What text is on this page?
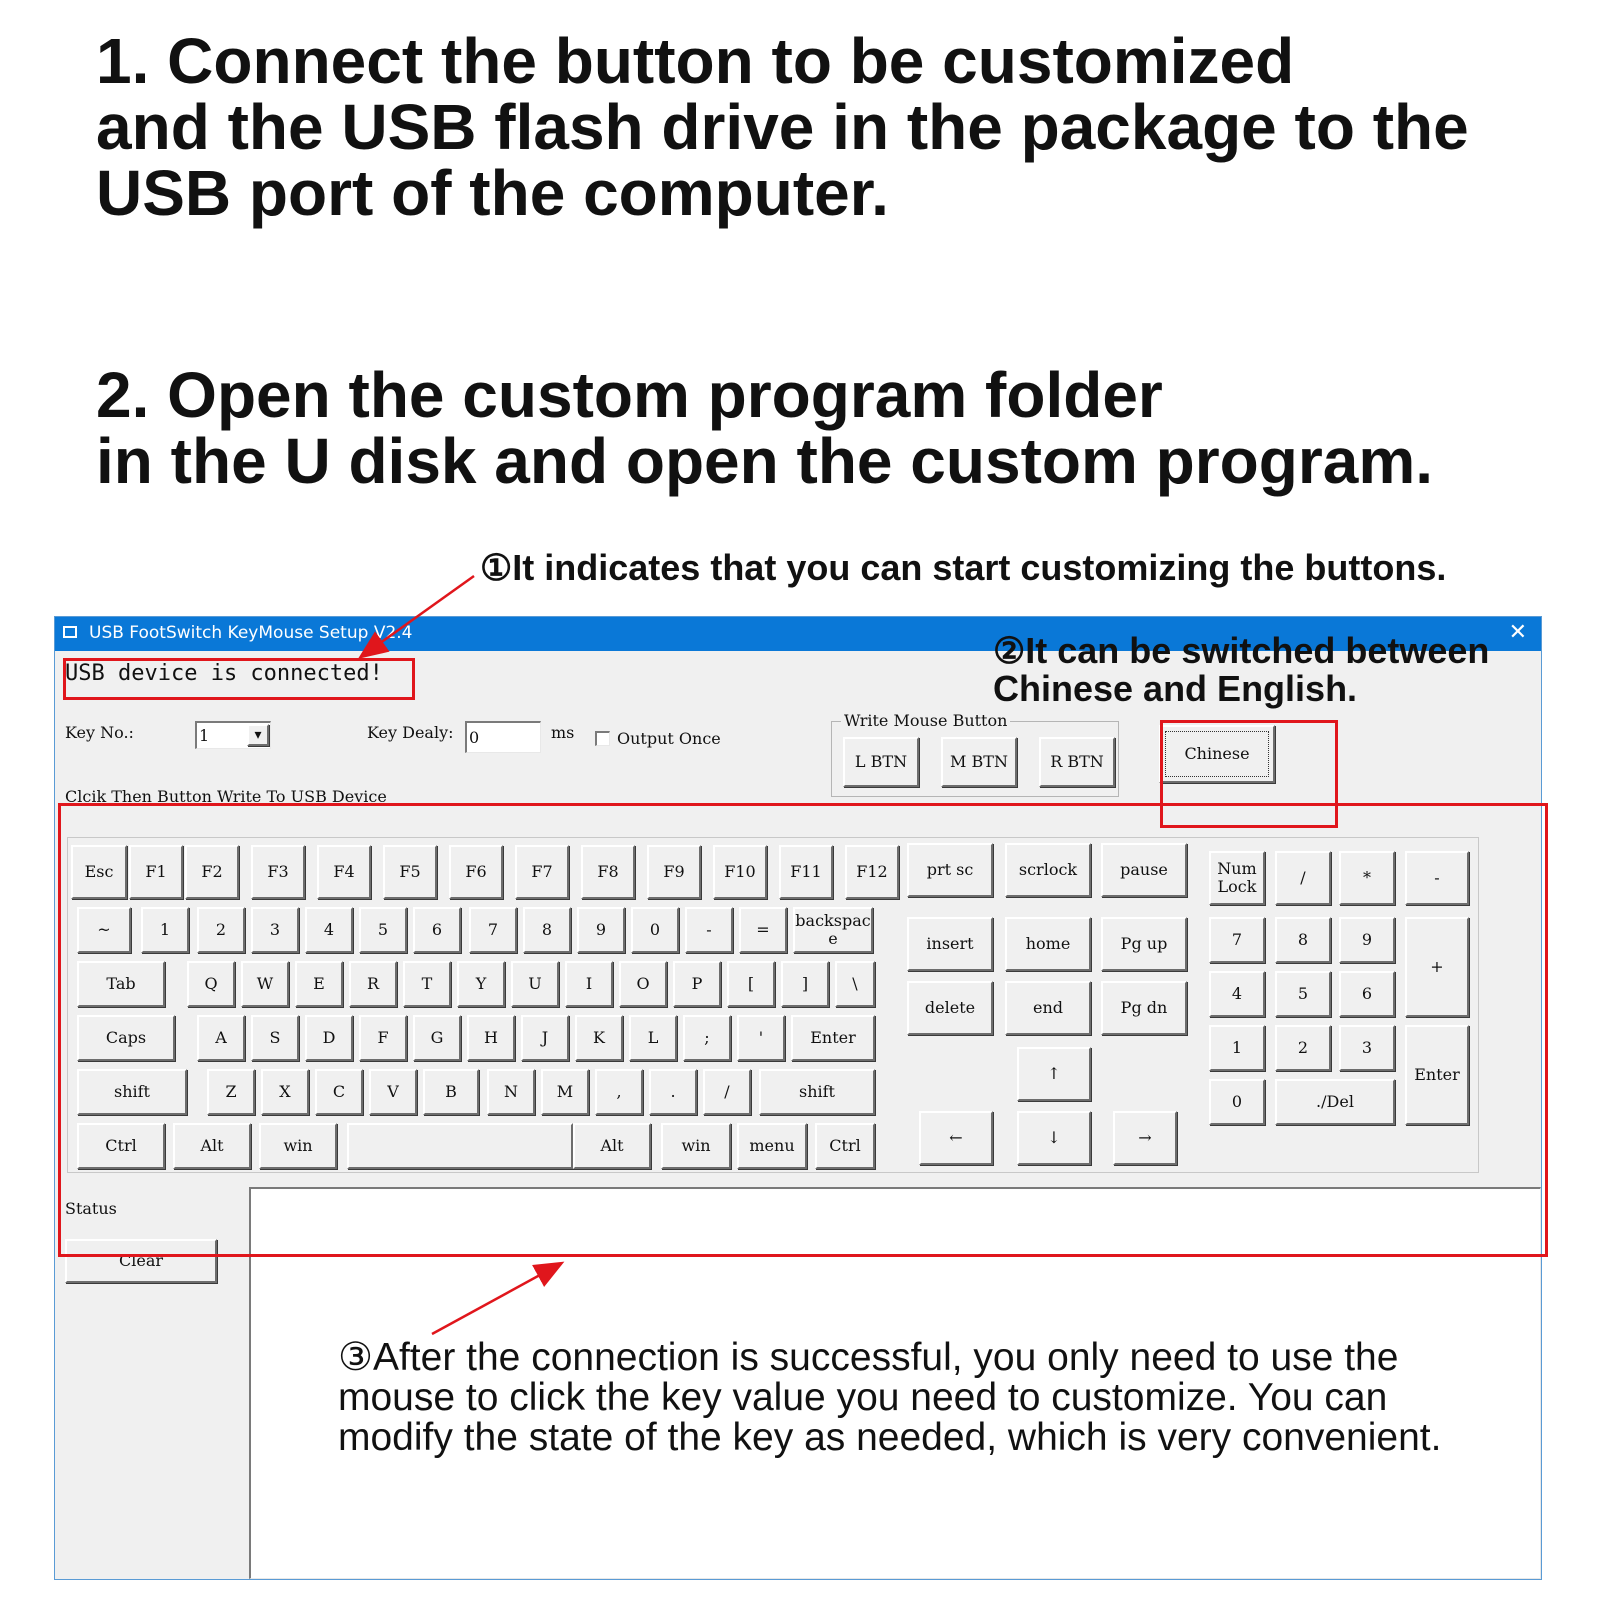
1. Connect the button to be customized
and the USB flash drive in the package to the
USB port of the computer.
2. Open the custom program folder
in the U disk and open the custom program.
①It indicates that you can start customizing the buttons.
USB FootSwitch KeyMouse Setup V2.4	✕
USB device is connected!
Key No.:	1	▾	Key Dealy: 0	ms	Output Once
Write Mouse Button
L BTN	M BTN	R BTN	Chinese
Clcik Then Button Write To USB Device
Esc	F1	F2	F3	F4	F5	F6	F7	F8	F9	F10	F11	F12
~	1	2	3	4	5	6	7	8	9	0	-	=	backspac
e
Tab	Q	W	E	R	T	Y	U	I	O	P	[	]	\
Caps	A	S	D	F	G	H	J	K	L	;	'	Enter
shift	Z	X	C	V	B	N	M	,	.	/	shift
Ctrl	Alt	win	Alt	win	menu	Ctrl
prt sc	scrlock	pause
insert	home	Pg up
delete	end	Pg dn
↑
←	↓	→
Num
Lock	/	*	-
7	8	9
+
4	5	6
1	2	3
Enter
0	./Del
Status
Clear
②It can be switched between
Chinese and English.
③After the connection is successful, you only need to use the
mouse to click the key value you need to customize. You can
modify the state of the key as needed, which is very convenient.
